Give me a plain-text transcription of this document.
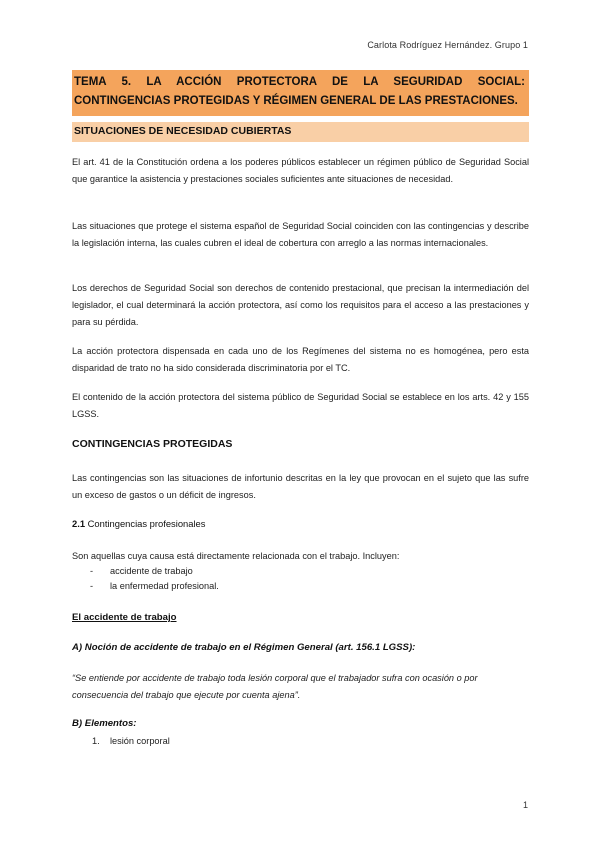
Carlota Rodríguez Hernández. Grupo 1
TEMA 5. LA ACCIÓN PROTECTORA DE LA SEGURIDAD SOCIAL: CONTINGENCIAS PROTEGIDAS Y RÉGIMEN GENERAL DE LAS PRESTACIONES.
SITUACIONES DE NECESIDAD CUBIERTAS

El art. 41 de la Constitución ordena a los poderes públicos establecer un régimen público de Seguridad Social que garantice la asistencia y prestaciones sociales suficientes ante situaciones de necesidad.

Las situaciones que protege el sistema español de Seguridad Social coinciden con las contingencias y describe la legislación interna, las cuales cubren el ideal de cobertura con arreglo a las normas internacionales.

Los derechos de Seguridad Social son derechos de contenido prestacional, que precisan la intermediación del legislador, el cual determinará la acción protectora, así como los requisitos para el acceso a las prestaciones y para su pérdida.

La acción protectora dispensada en cada uno de los Regímenes del sistema no es homogénea, pero esta disparidad de trato no ha sido considerada discriminatoria por el TC.

El contenido de la acción protectora del sistema público de Seguridad Social se establece en los arts. 42 y 155 LGSS.

CONTINGENCIAS PROTEGIDAS

Las contingencias son las situaciones de infortunio descritas en la ley que provocan en el sujeto que las sufre un exceso de gastos o un déficit de ingresos.

2.1 Contingencias profesionales

Son aquellas cuya causa está directamente relacionada con el trabajo. Incluyen:

- accidente de trabajo
- la enfermedad profesional.
El accidente de trabajo
A) Noción de accidente de trabajo en el Régimen General (art. 156.1 LGSS):

“Se entiende por accidente de trabajo toda lesión corporal que el trabajador sufra con ocasión o por consecuencia del trabajo que ejecute por cuenta ajena”.

B) Elementos:
1. lesión corporal
1
